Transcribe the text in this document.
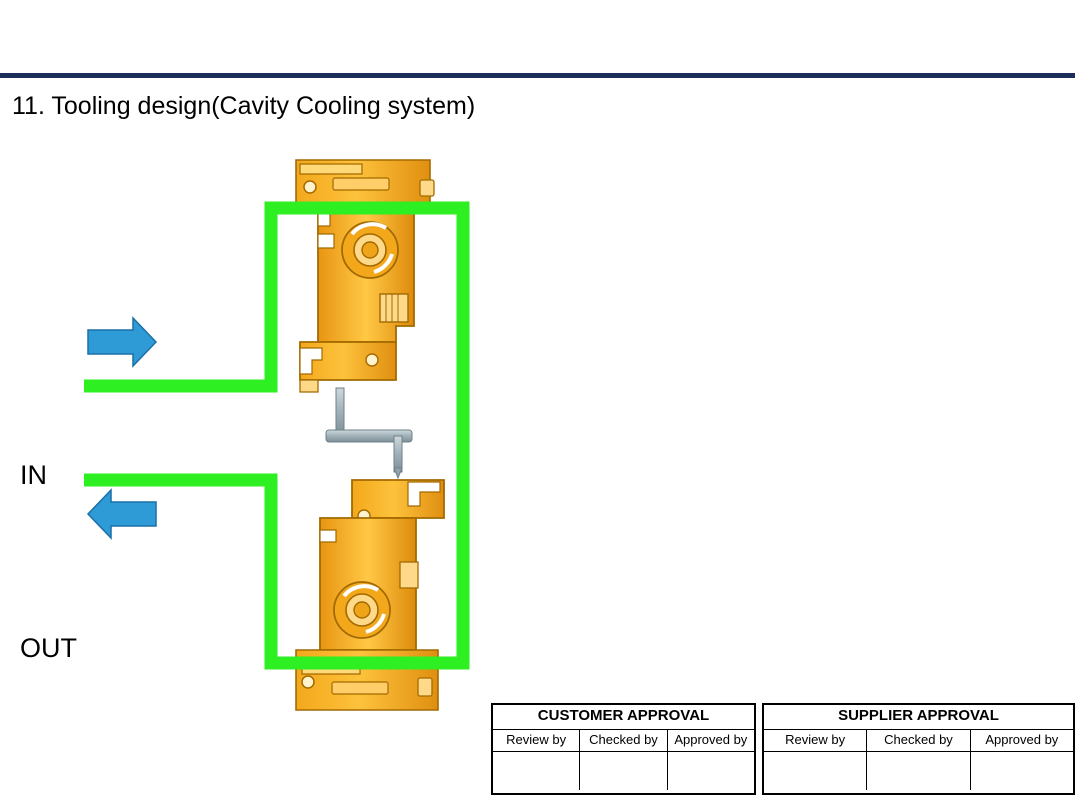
11. Tooling design(Cavity Cooling system)
IN
OUT
CUSTOMER APPROVAL
Review by	Checked by	Approved by
SUPPLIER APPROVAL
Review by	Checked by	Approved by
